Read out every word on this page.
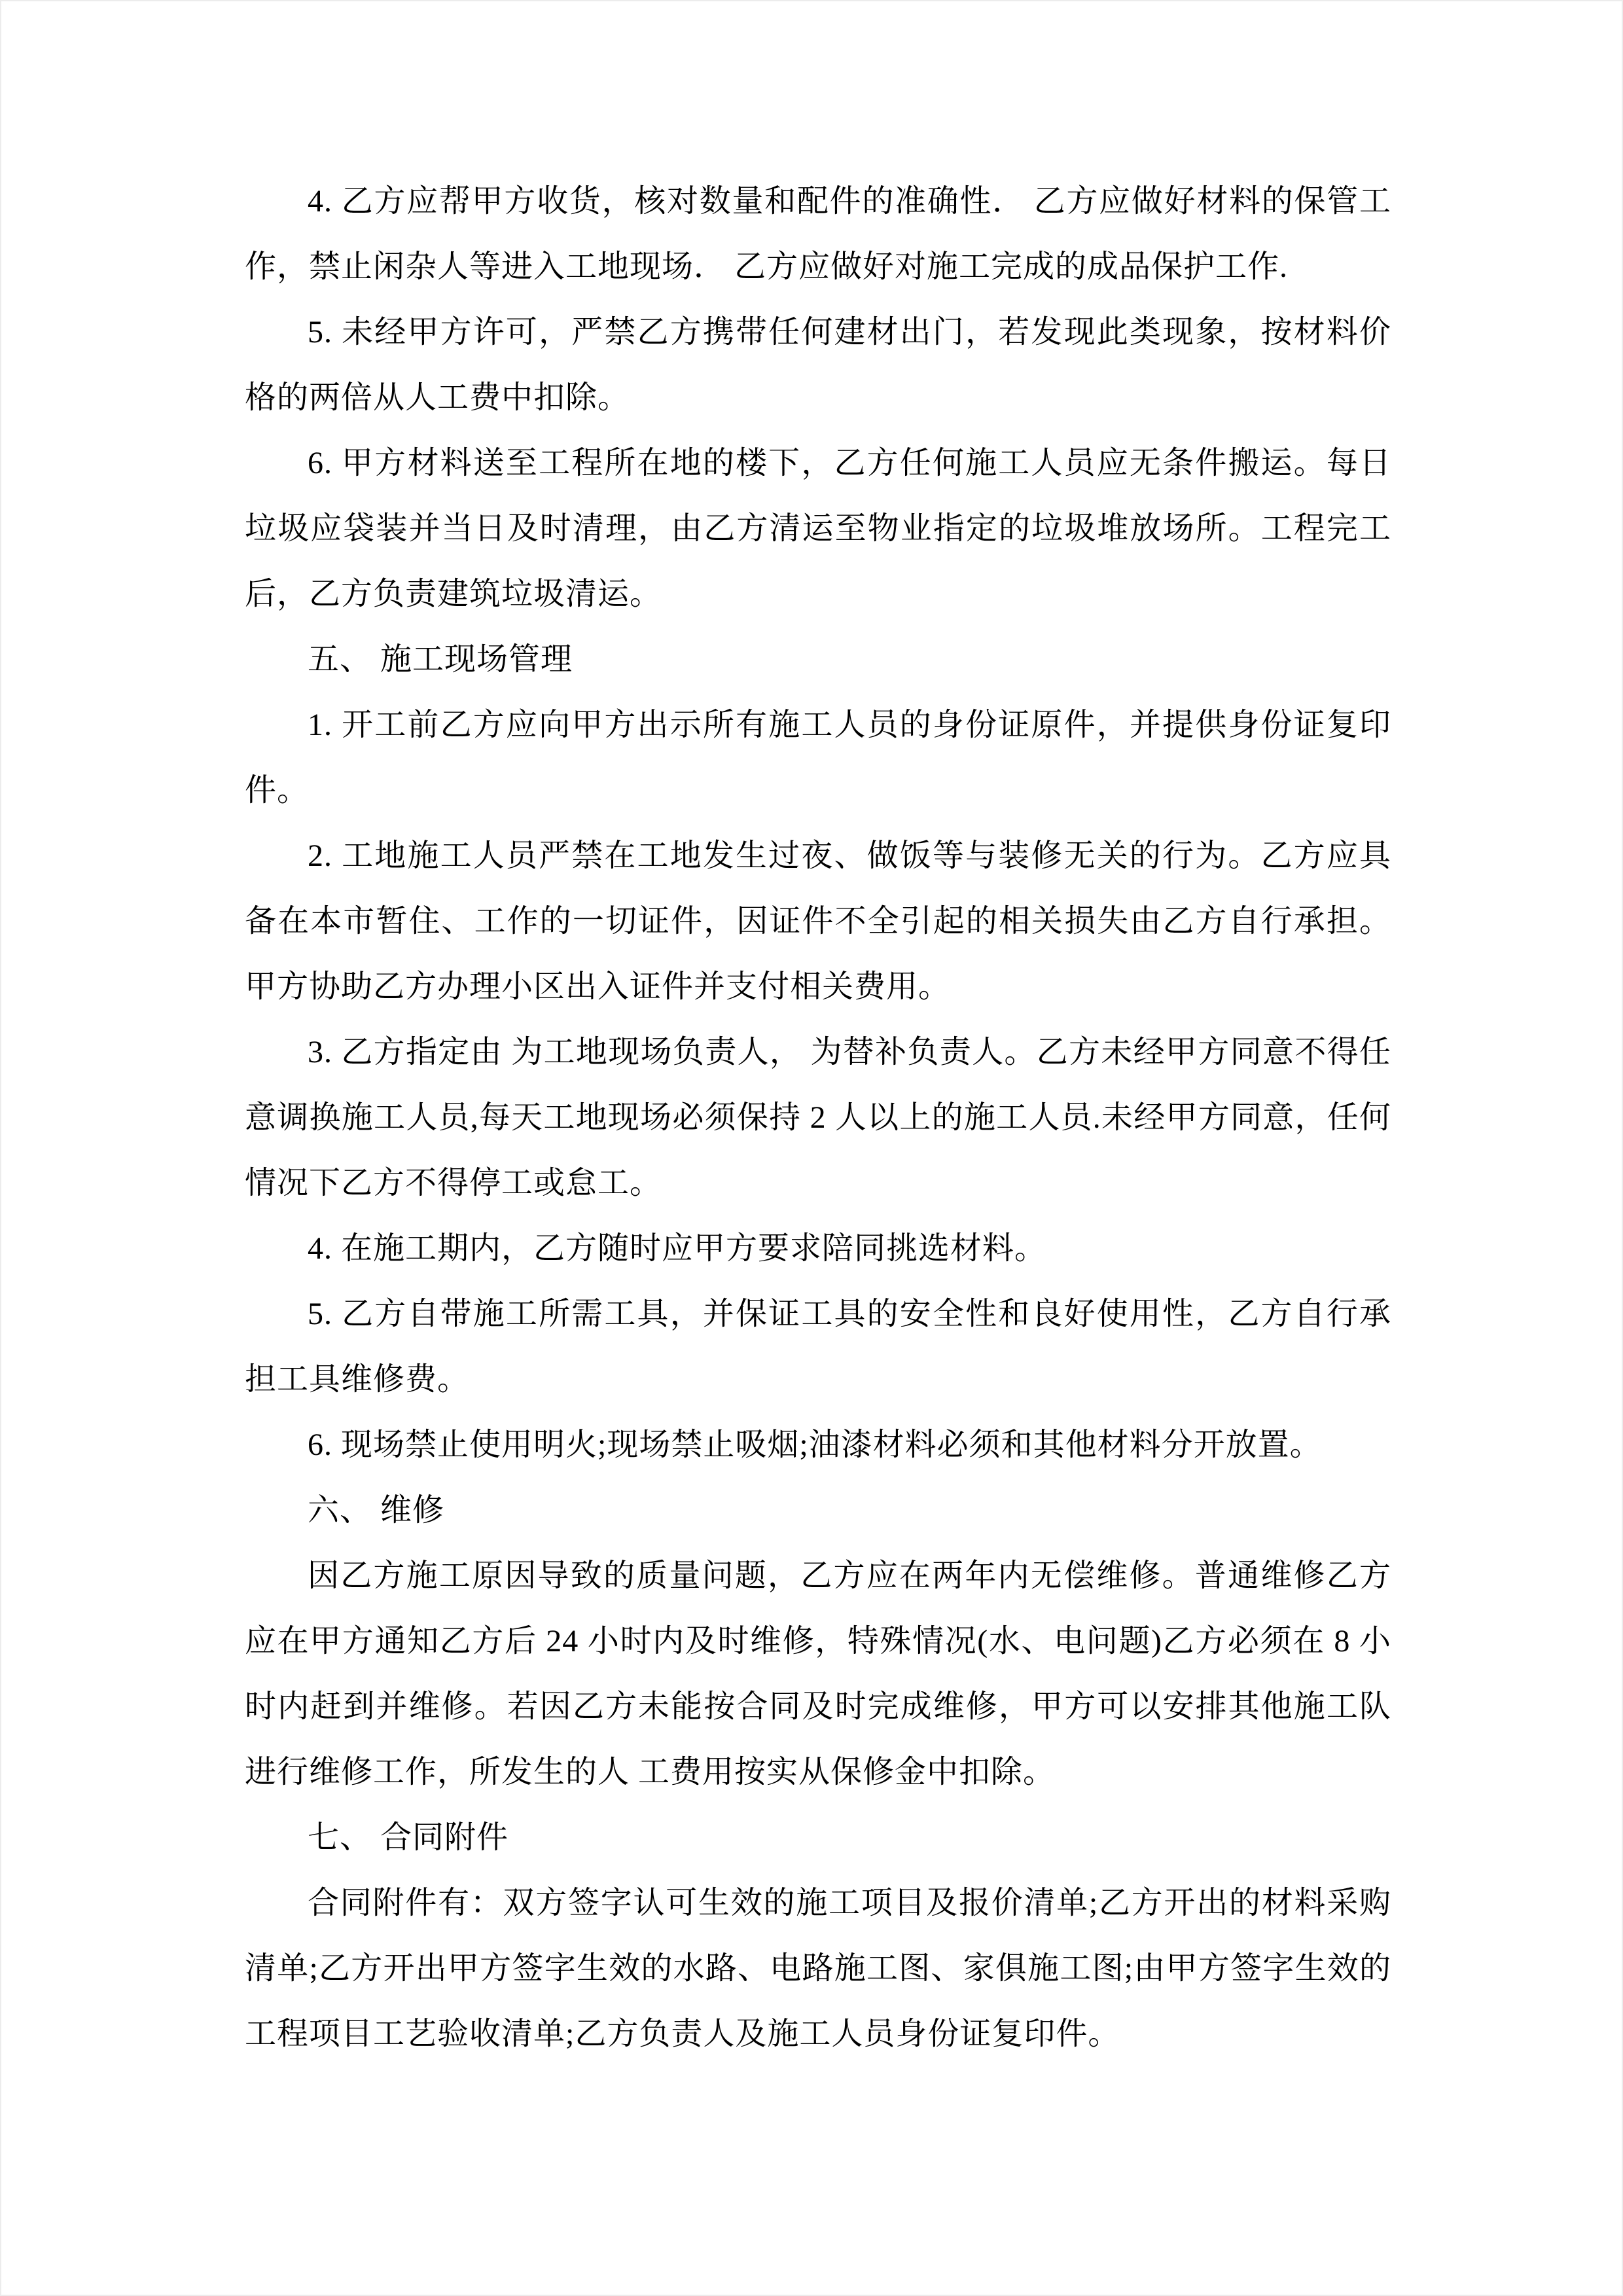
4. 乙方应帮甲方收货，核对数量和配件的准确性． 乙方应做好材料的保管工作，禁止闲杂人等进入工地现场． 乙方应做好对施工完成的成品保护工作.

5. 未经甲方许可，严禁乙方携带任何建材出门，若发现此类现象，按材料价格的两倍从人工费中扣除。

6. 甲方材料送至工程所在地的楼下，乙方任何施工人员应无条件搬运。每日垃圾应袋装并当日及时清理，由乙方清运至物业指定的垃圾堆放场所。工程完工后，乙方负责建筑垃圾清运。

五、 施工现场管理

1. 开工前乙方应向甲方出示所有施工人员的身份证原件，并提供身份证复印件。

2. 工地施工人员严禁在工地发生过夜、做饭等与装修无关的行为。乙方应具备在本市暂住、工作的一切证件，因证件不全引起的相关损失由乙方自行承担。甲方协助乙方办理小区出入证件并支付相关费用。

3. 乙方指定由 为工地现场负责人， 为替补负责人。乙方未经甲方同意不得任意调换施工人员,每天工地现场必须保持 2 人以上的施工人员.未经甲方同意，任何情况下乙方不得停工或怠工。

4. 在施工期内，乙方随时应甲方要求陪同挑选材料。

5. 乙方自带施工所需工具，并保证工具的安全性和良好使用性，乙方自行承担工具维修费。

6. 现场禁止使用明火;现场禁止吸烟;油漆材料必须和其他材料分开放置。

六、 维修

因乙方施工原因导致的质量问题，乙方应在两年内无偿维修。普通维修乙方应在甲方通知乙方后 24 小时内及时维修，特殊情况(水、电问题)乙方必须在 8 小时内赶到并维修。若因乙方未能按合同及时完成维修，甲方可以安排其他施工队进行维修工作，所发生的人 工费用按实从保修金中扣除。

七、 合同附件

合同附件有：双方签字认可生效的施工项目及报价清单;乙方开出的材料采购清单;乙方开出甲方签字生效的水路、电路施工图、家俱施工图;由甲方签字生效的工程项目工艺验收清单;乙方负责人及施工人员身份证复印件。
